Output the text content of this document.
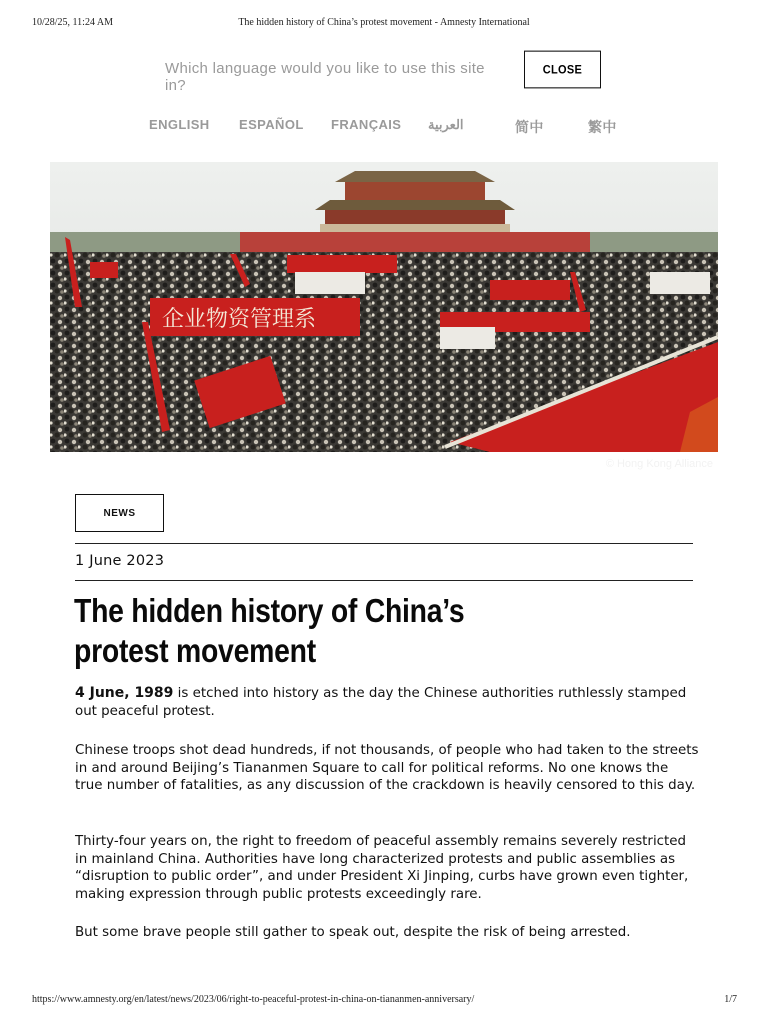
10/28/25, 11:24 AM	The hidden history of China’s protest movement - Amnesty International
Which language would you like to use this site in?
CLOSE
ENGLISH ESPAÑOL FRANÇAIS العربية	简中	繁中
企业物资管理系
© Hong Kong Alliance
NEWS
1 June 2023
The hidden history of China’s protest movement

4 June, 1989 is etched into history as the day the Chinese authorities ruthlessly stamped out peaceful protest.

Chinese troops shot dead hundreds, if not thousands, of people who had taken to the streets in and around Beijing’s Tiananmen Square to call for political reforms. No one knows the true number of fatalities, as any discussion of the crackdown is heavily censored to this day.

Thirty-four years on, the right to freedom of peaceful assembly remains severely restricted in mainland China. Authorities have long characterized protests and public assemblies as “disruption to public order”, and under President Xi Jinping, curbs have grown even tighter, making expression through public protests exceedingly rare.

But some brave people still gather to speak out, despite the risk of being arrested.

https://www.amnesty.org/en/latest/news/2023/06/right-to-peaceful-protest-in-china-on-tiananmen-anniversary/	1/7
